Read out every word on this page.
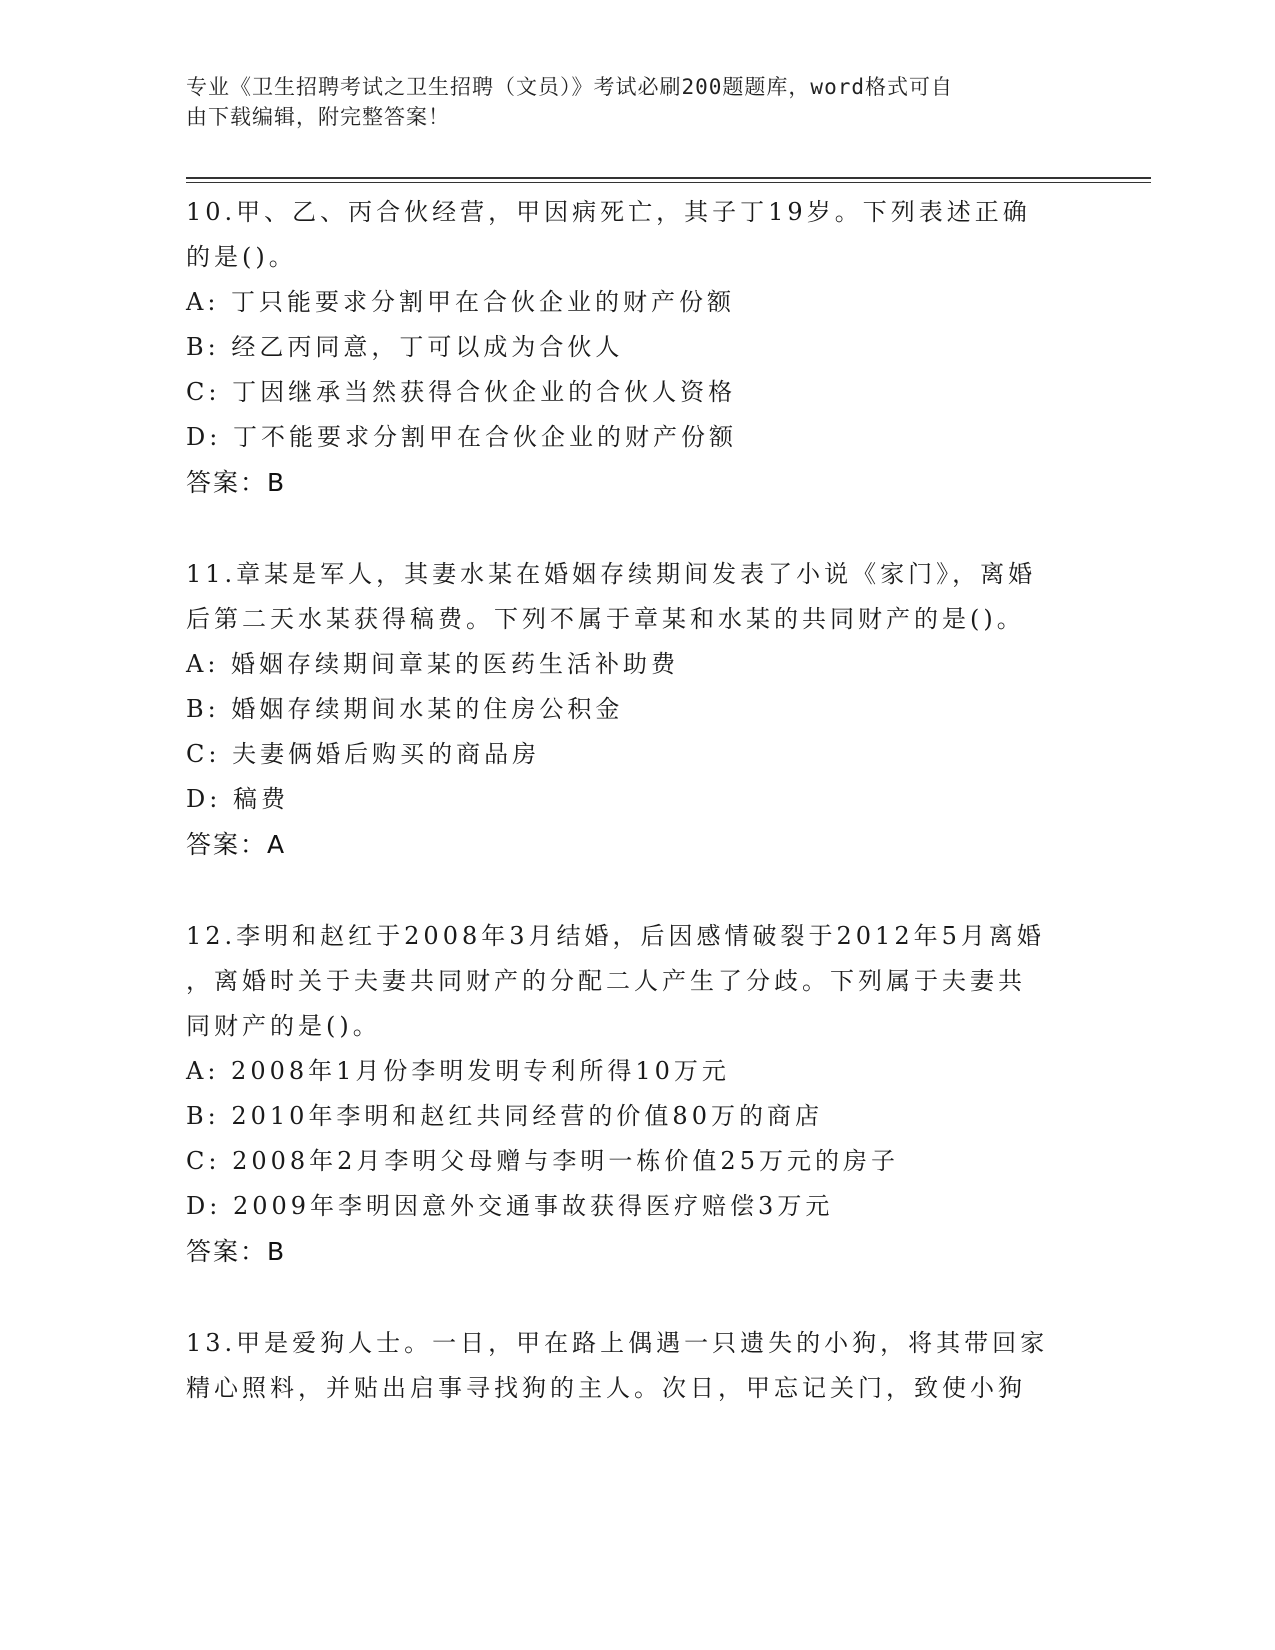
专业《卫生招聘考试之卫生招聘（文员）》考试必刷200题题库，word格式可自
由下载编辑，附完整答案！
10.甲、乙、丙合伙经营，甲因病死亡，其子丁19岁。下列表述正确
的是()。
A: 丁只能要求分割甲在合伙企业的财产份额
B: 经乙丙同意，丁可以成为合伙人
C: 丁因继承当然获得合伙企业的合伙人资格
D: 丁不能要求分割甲在合伙企业的财产份额
答案：B
11.章某是军人，其妻水某在婚姻存续期间发表了小说《家门》，离婚
后第二天水某获得稿费。下列不属于章某和水某的共同财产的是()。
A: 婚姻存续期间章某的医药生活补助费
B: 婚姻存续期间水某的住房公积金
C: 夫妻俩婚后购买的商品房
D: 稿费
答案：A
12.李明和赵红于2008年3月结婚，后因感情破裂于2012年5月离婚
，离婚时关于夫妻共同财产的分配二人产生了分歧。下列属于夫妻共
同财产的是()。
A: 2008年1月份李明发明专利所得10万元
B: 2010年李明和赵红共同经营的价值80万的商店
C: 2008年2月李明父母赠与李明一栋价值25万元的房子
D: 2009年李明因意外交通事故获得医疗赔偿3万元
答案：B
13.甲是爱狗人士。一日，甲在路上偶遇一只遗失的小狗，将其带回家
精心照料，并贴出启事寻找狗的主人。次日，甲忘记关门，致使小狗
